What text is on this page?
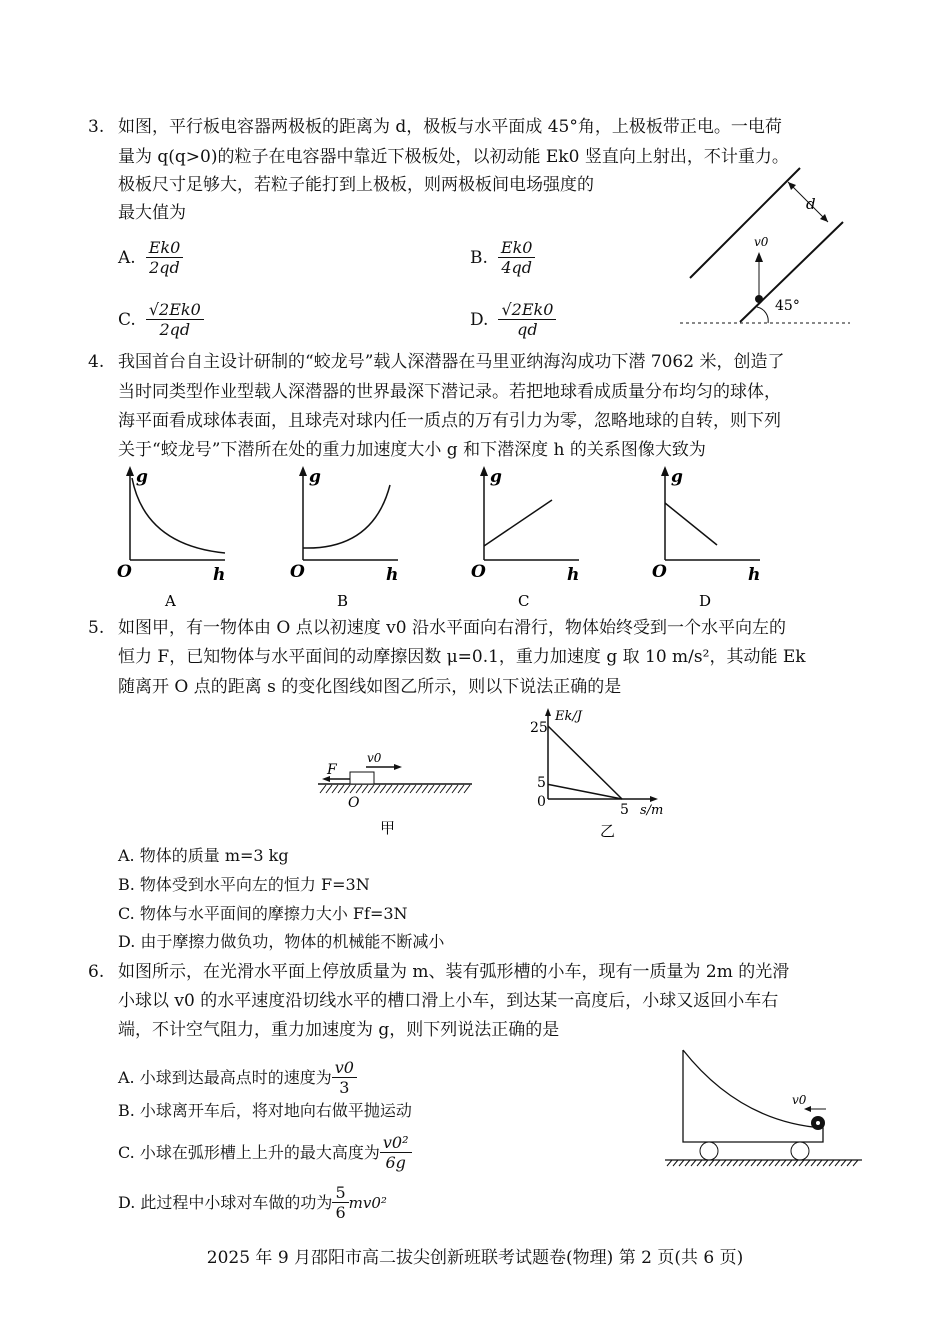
3. 如图，平行板电容器两极板的距离为 d，极板与水平面成 45°角，上极板带正电。一电荷
量为 q(q>0)的粒子在电容器中靠近下极板处，以初动能 Ek0 竖直向上射出，不计重力。
极板尺寸足够大，若粒子能打到上极板，则两极板间电场强度的
最大值为
A. $\frac{Ek0}{2qd}$	B. $\frac{Ek0}{4qd}$
C. $\frac{√2Ek0}{2qd}$	D. $\frac{√2Ek0}{qd}$
d
v0
45°
4. 我国首台自主设计研制的“蛟龙号”载人深潜器在马里亚纳海沟成功下潜 7062 米，创造了
当时同类型作业型载人深潜器的世界最深下潜记录。若把地球看成质量分布均匀的球体，
海平面看成球体表面，且球壳对球内任一质点的万有引力为零，忽略地球的自转，则下列
关于“蛟龙号”下潜所在处的重力加速度大小 g 和下潜深度 h 的关系图像大致为
g
O	h
A
g
O	h
B
g
O	h
C
g
O	h
D
5. 如图甲，有一物体由 O 点以初速度 v0 沿水平面向右滑行，物体始终受到一个水平向左的
恒力 F，已知物体与水平面间的动摩擦因数 μ=0.1，重力加速度 g 取 10 m/s²，其动能 Ek
随离开 O 点的距离 s 的变化图线如图乙所示，则以下说法正确的是
F
v0
O
甲
Ek/J
25
5
0	5 s/m
乙
A. 物体的质量 m=3 kg
B. 物体受到水平向左的恒力 F=3N
C. 物体与水平面间的摩擦力大小 Ff=3N
D. 由于摩擦力做负功，物体的机械能不断减小
6. 如图所示，在光滑水平面上停放质量为 m、装有弧形槽的小车，现有一质量为 2m 的光滑
小球以 v0 的水平速度沿切线水平的槽口滑上小车，到达某一高度后，小球又返回小车右
端，不计空气阻力，重力加速度为 g，则下列说法正确的是
A. 小球到达最高点时的速度为 $\frac{v0}{3}$
B. 小球离开车后，将对地向右做平抛运动
C. 小球在弧形槽上上升的最大高度为 $\frac{\text{v0²}}{6g}$
D. 此过程中小球对车做的功为 $\frac{5}{6} mv0^2$
v0
2025 年 9 月邵阳市高二拔尖创新班联考试题卷(物理) 第 2 页(共 6 页)
